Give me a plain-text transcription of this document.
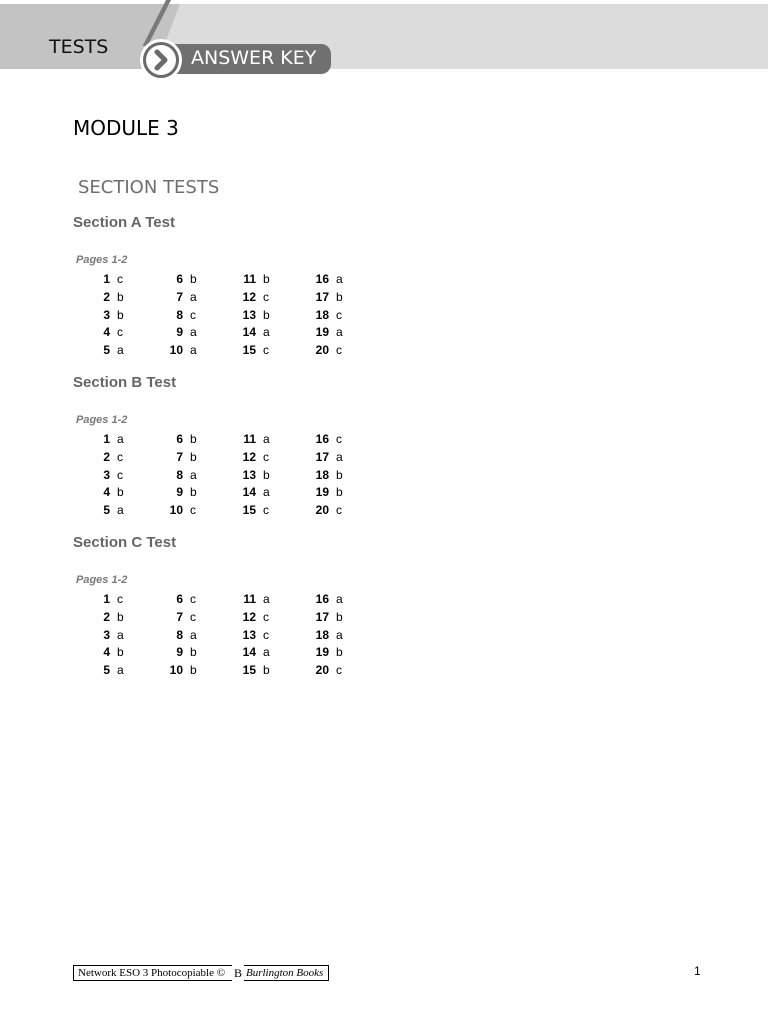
TESTS	ANSWER KEY
MODULE 3
SECTION TESTS
Section A Test
Pages 1-2
1 c
2 b
3 b
4 c
5 a
6 b
7 a
8 c
9 a
10 a
11 b
12 c
13 b
14 a
15 c
16 a
17 b
18 c
19 a
20 c
Section B Test
Pages 1-2
1 a
2 c
3 c
4 b
5 a
6 b
7 b
8 a
9 b
10 c
11 a
12 c
13 b
14 a
15 c
16 c
17 a
18 b
19 b
20 c
Section C Test
Pages 1-2
1 c
2 b
3 a
4 b
5 a
6 c
7 c
8 a
9 b
10 b
11 a
12 c
13 c
14 a
15 b
16 a
17 b
18 a
19 b
20 c
Network ESO 3 Photocopiable © B Burlington Books	1
